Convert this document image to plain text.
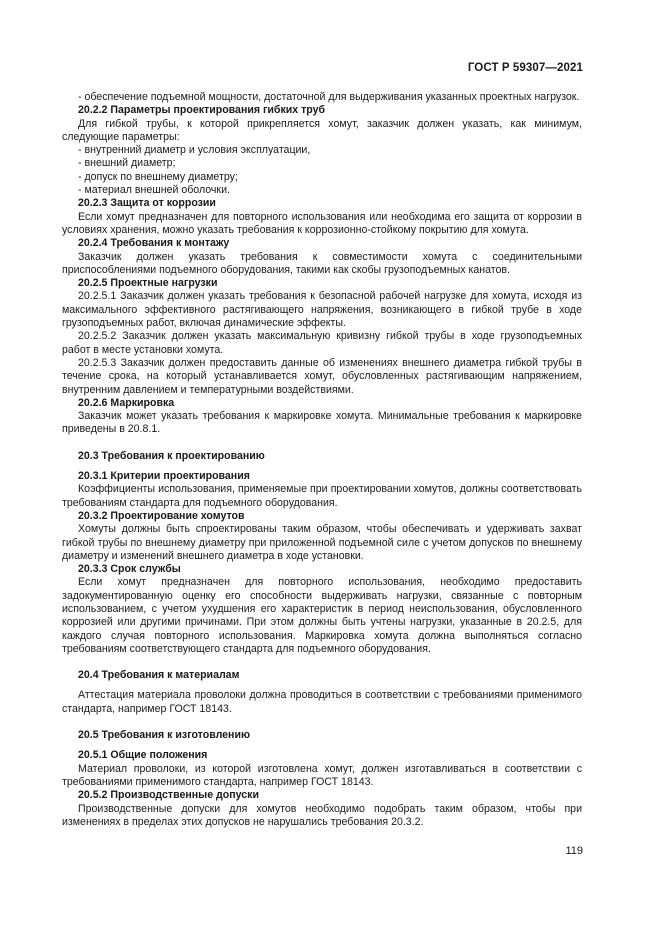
ГОСТ Р 59307—2021

- обеспечение подъемной мощности, достаточной для выдерживания указанных проектных нагрузок.

20.2.2 Параметры проектирования гибких труб

Для гибкой трубы, к которой прикрепляется хомут, заказчик должен указать, как минимум, следующие параметры:

- внутренний диаметр и условия эксплуатации,

- внешний диаметр;

- допуск по внешнему диаметру;

- материал внешней оболочки.

20.2.3 Защита от коррозии

Если хомут предназначен для повторного использования или необходима его защита от коррозии в условиях хранения, можно указать требования к коррозионно-стойкому покрытию для хомута.

20.2.4 Требования к монтажу

Заказчик должен указать требования к совместимости хомута с соединительными приспособлениями подъемного оборудования, такими как скобы грузоподъемных канатов.

20.2.5 Проектные нагрузки

20.2.5.1 Заказчик должен указать требования к безопасной рабочей нагрузке для хомута, исходя из максимального эффективного растягивающего напряжения, возникающего в гибкой трубе в ходе грузоподъемных работ, включая динамические эффекты.

20.2.5.2 Заказчик должен указать максимальную кривизну гибкой трубы в ходе грузоподъемных работ в месте установки хомута.

20.2.5.3 Заказчик должен предоставить данные об изменениях внешнего диаметра гибкой трубы в течение срока, на который устанавливается хомут, обусловленных растягивающим напряжением, внутренним давлением и температурными воздействиями.

20.2.6 Маркировка

Заказчик может указать требования к маркировке хомута. Минимальные требования к маркировке приведены в 20.8.1.

20.3 Требования к проектированию

20.3.1 Критерии проектирования

Коэффициенты использования, применяемые при проектировании хомутов, должны соответствовать требованиям стандарта для подъемного оборудования.

20.3.2 Проектирование хомутов

Хомуты должны быть спроектированы таким образом, чтобы обеспечивать и удерживать захват гибкой трубы по внешнему диаметру при приложенной подъемной силе с учетом допусков по внешнему диаметру и изменений внешнего диаметра в ходе установки.

20.3.3 Срок службы

Если хомут предназначен для повторного использования, необходимо предоставить задокументированную оценку его способности выдерживать нагрузки, связанные с повторным использованием, с учетом ухудшения его характеристик в период неиспользования, обусловленного коррозией или другими причинами. При этом должны быть учтены нагрузки, указанные в 20.2.5, для каждого случая повторного использования. Маркировка хомута должна выполняться согласно требованиям соответствующего стандарта для подъемного оборудования.

20.4 Требования к материалам

Аттестация материала проволоки должна проводиться в соответствии с требованиями применимого стандарта, например ГОСТ 18143.

20.5 Требования к изготовлению

20.5.1 Общие положения

Материал проволоки, из которой изготовлена хомут, должен изготавливаться в соответствии с требованиями применимого стандарта, например ГОСТ 18143.

20.5.2 Производственные допуски

Производственные допуски для хомутов необходимо подобрать таким образом, чтобы при изменениях в пределах этих допусков не нарушались требования 20.3.2.

119
